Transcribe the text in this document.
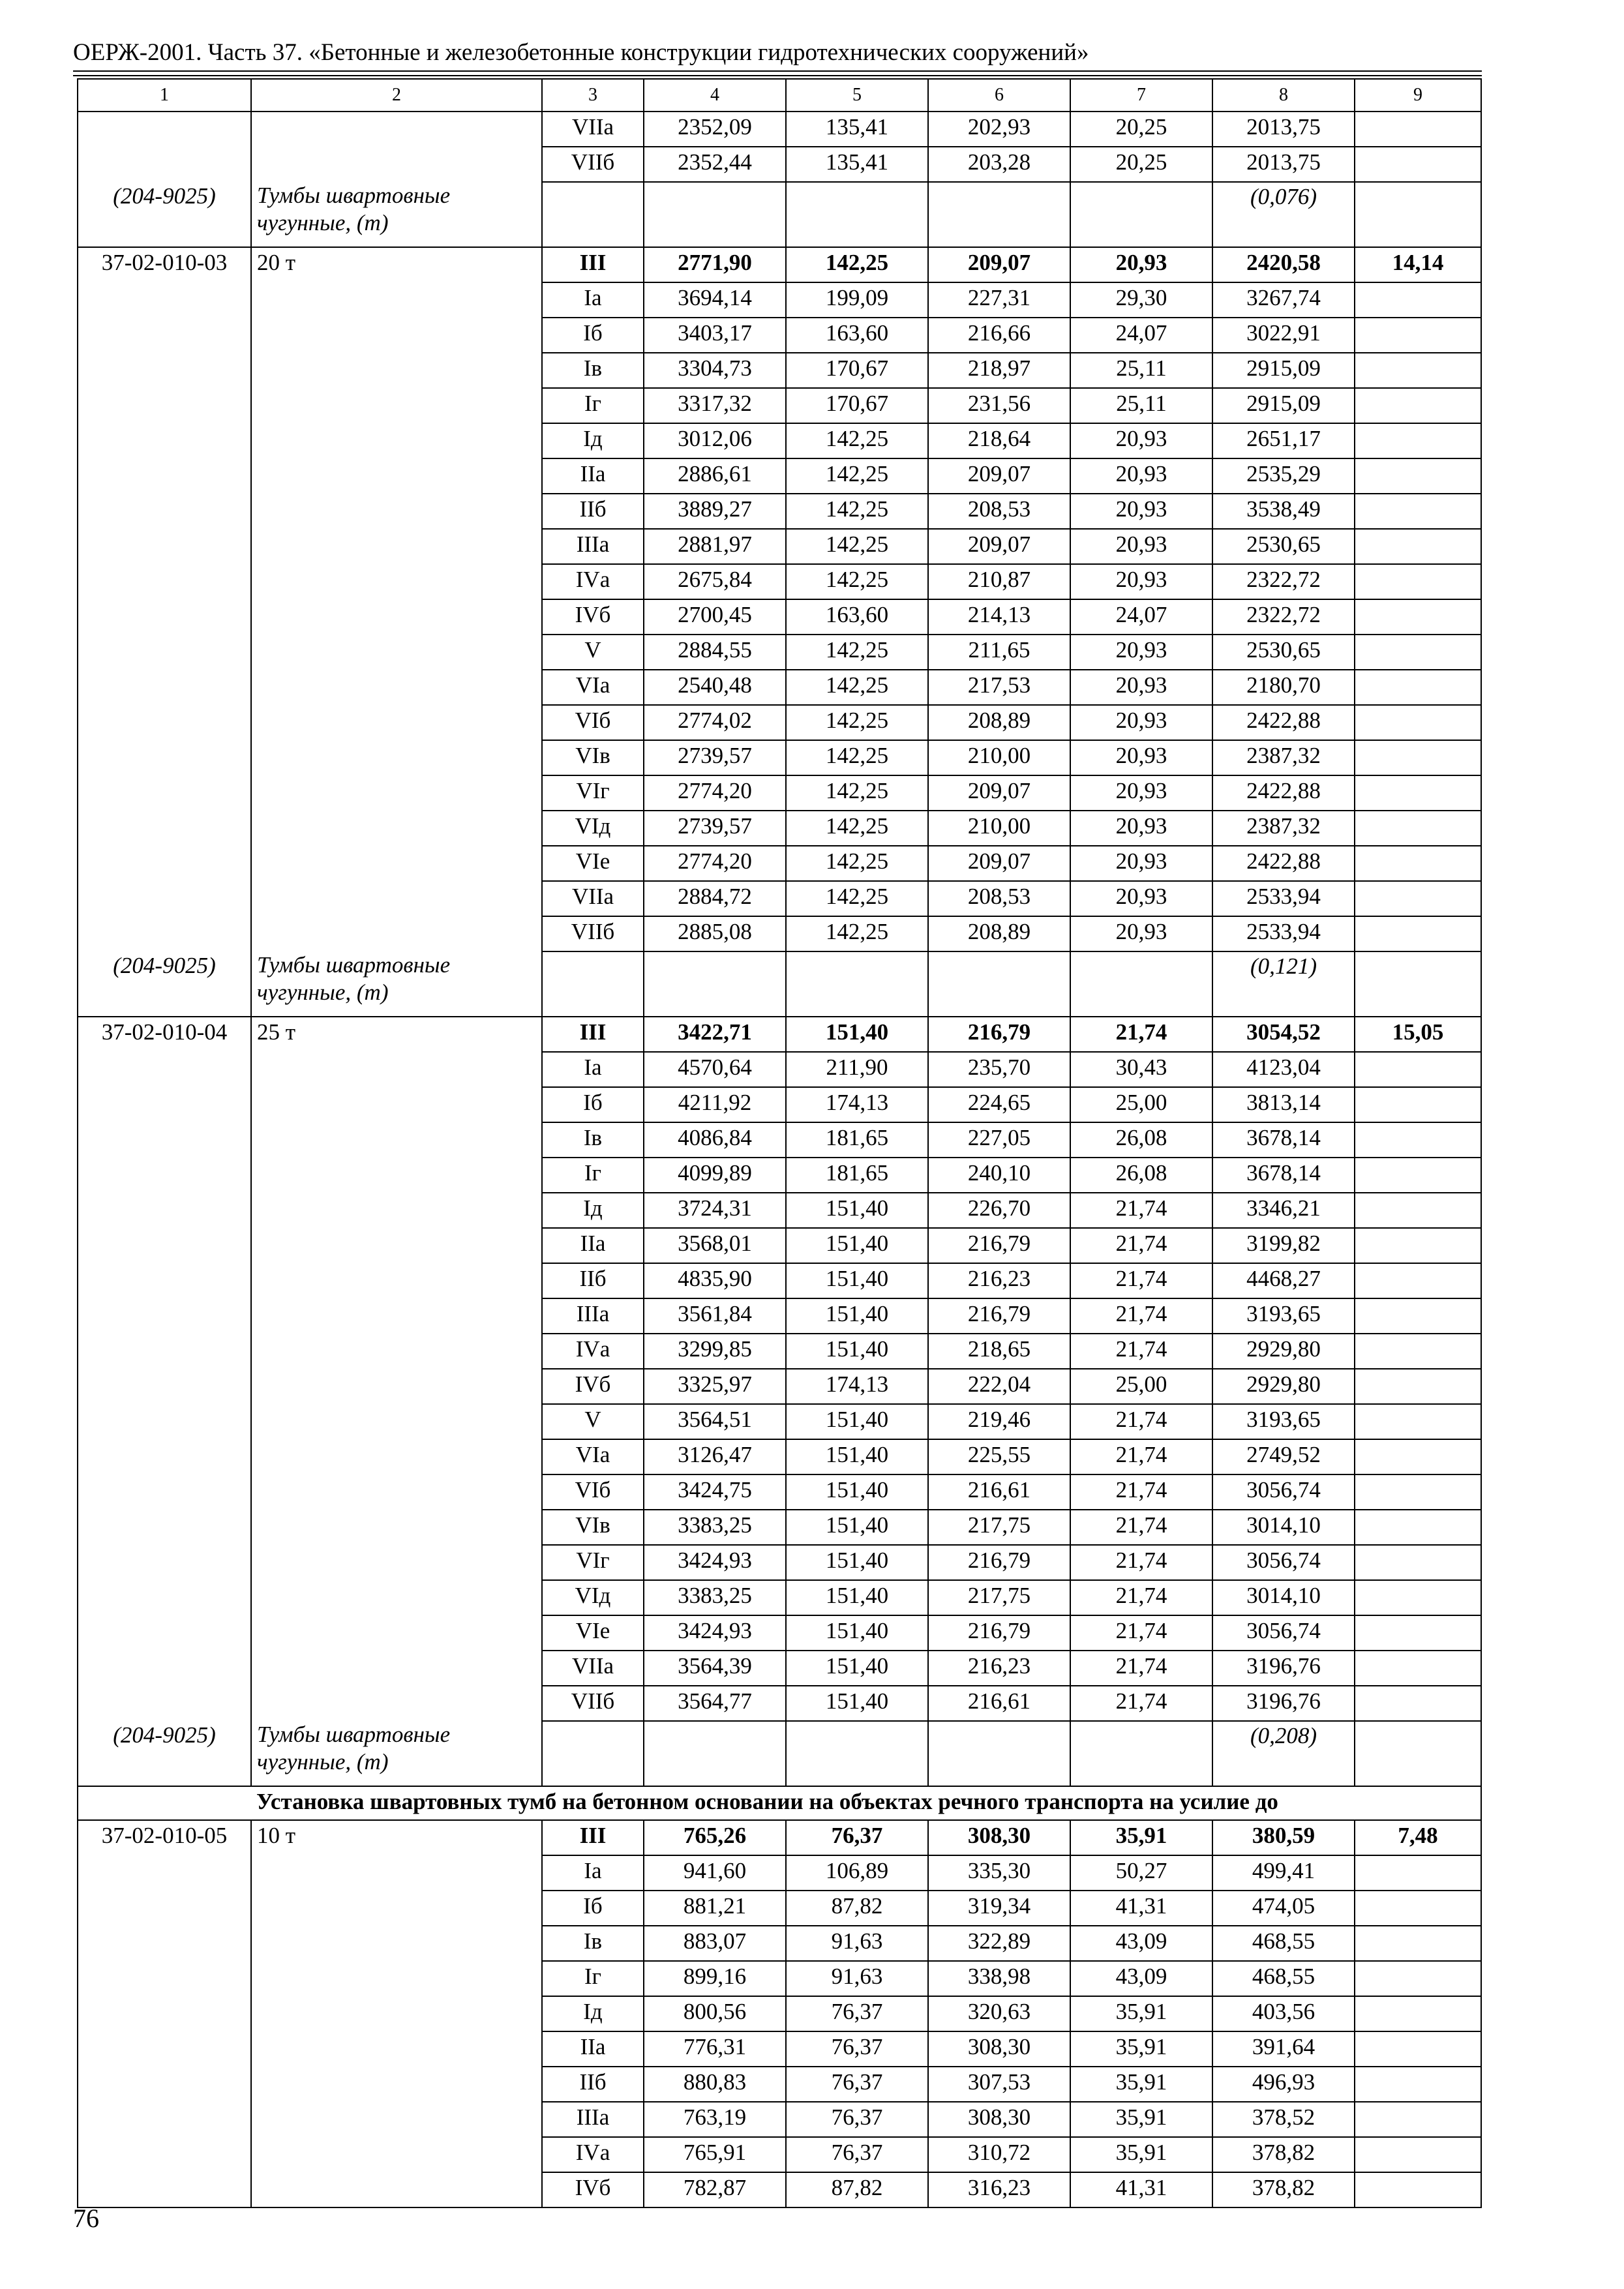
ОЕРЖ-2001. Часть 37. «Бетонные и железобетонные конструкции гидротехнических сооружений»
1	2	3	4	5	6	7	8	9
		VIIа	2352,09	135,41	202,93	20,25	2013,75	
		VIIб	2352,44	135,41	203,28	20,25	2013,75	
(204-9025)	Тумбы швартовные чугунные, (т)						(0,076)	
37-02-010-03	20 т	III	2771,90	142,25	209,07	20,93	2420,58	14,14
		Iа	3694,14	199,09	227,31	29,30	3267,74	
		Iб	3403,17	163,60	216,66	24,07	3022,91	
		Iв	3304,73	170,67	218,97	25,11	2915,09	
		Iг	3317,32	170,67	231,56	25,11	2915,09	
		Iд	3012,06	142,25	218,64	20,93	2651,17	
		IIа	2886,61	142,25	209,07	20,93	2535,29	
		IIб	3889,27	142,25	208,53	20,93	3538,49	
		IIIа	2881,97	142,25	209,07	20,93	2530,65	
		IVа	2675,84	142,25	210,87	20,93	2322,72	
		IVб	2700,45	163,60	214,13	24,07	2322,72	
		V	2884,55	142,25	211,65	20,93	2530,65	
		VIа	2540,48	142,25	217,53	20,93	2180,70	
		VIб	2774,02	142,25	208,89	20,93	2422,88	
		VIв	2739,57	142,25	210,00	20,93	2387,32	
		VIг	2774,20	142,25	209,07	20,93	2422,88	
		VIд	2739,57	142,25	210,00	20,93	2387,32	
		VIе	2774,20	142,25	209,07	20,93	2422,88	
		VIIа	2884,72	142,25	208,53	20,93	2533,94	
		VIIб	2885,08	142,25	208,89	20,93	2533,94	
(204-9025)	Тумбы швартовные чугунные, (т)						(0,121)	
37-02-010-04	25 т	III	3422,71	151,40	216,79	21,74	3054,52	15,05
		Iа	4570,64	211,90	235,70	30,43	4123,04	
		Iб	4211,92	174,13	224,65	25,00	3813,14	
		Iв	4086,84	181,65	227,05	26,08	3678,14	
		Iг	4099,89	181,65	240,10	26,08	3678,14	
		Iд	3724,31	151,40	226,70	21,74	3346,21	
		IIа	3568,01	151,40	216,79	21,74	3199,82	
		IIб	4835,90	151,40	216,23	21,74	4468,27	
		IIIа	3561,84	151,40	216,79	21,74	3193,65	
		IVа	3299,85	151,40	218,65	21,74	2929,80	
		IVб	3325,97	174,13	222,04	25,00	2929,80	
		V	3564,51	151,40	219,46	21,74	3193,65	
		VIа	3126,47	151,40	225,55	21,74	2749,52	
		VIб	3424,75	151,40	216,61	21,74	3056,74	
		VIв	3383,25	151,40	217,75	21,74	3014,10	
		VIг	3424,93	151,40	216,79	21,74	3056,74	
		VIд	3383,25	151,40	217,75	21,74	3014,10	
		VIе	3424,93	151,40	216,79	21,74	3056,74	
		VIIа	3564,39	151,40	216,23	21,74	3196,76	
		VIIб	3564,77	151,40	216,61	21,74	3196,76	
(204-9025)	Тумбы швартовные чугунные, (т)						(0,208)	
	Установка швартовных тумб на бетонном основании на объектах речного транспорта на усилие до							
37-02-010-05	10 т	III	765,26	76,37	308,30	35,91	380,59	7,48
		Iа	941,60	106,89	335,30	50,27	499,41	
		Iб	881,21	87,82	319,34	41,31	474,05	
		Iв	883,07	91,63	322,89	43,09	468,55	
		Iг	899,16	91,63	338,98	43,09	468,55	
		Iд	800,56	76,37	320,63	35,91	403,56	
		IIа	776,31	76,37	308,30	35,91	391,64	
		IIб	880,83	76,37	307,53	35,91	496,93	
		IIIа	763,19	76,37	308,30	35,91	378,52	
		IVа	765,91	76,37	310,72	35,91	378,82	
		IVб	782,87	87,82	316,23	41,31	378,82	
76
